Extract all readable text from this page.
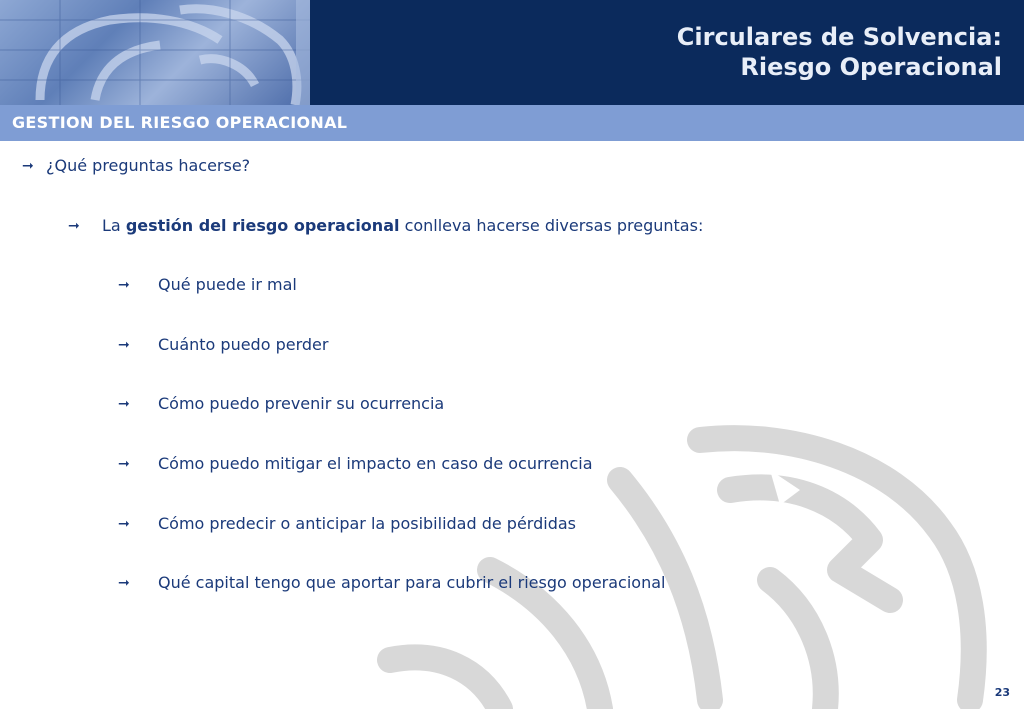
Circulares de Solvencia:
Riesgo Operacional
GESTION DEL RIESGO OPERACIONAL
➞ ¿Qué preguntas hacerse?
➞	La
gestión del riesgo operacional
conlleva hacerse diversas preguntas:
➞	Qué puede ir mal
➞	Cuánto puedo perder
➞	Cómo puedo prevenir su ocurrencia
➞	Cómo puedo mitigar el impacto en caso de ocurrencia
➞	Cómo predecir o anticipar la posibilidad de pérdidas
➞	Qué capital tengo que aportar para cubrir el riesgo operacional
23
